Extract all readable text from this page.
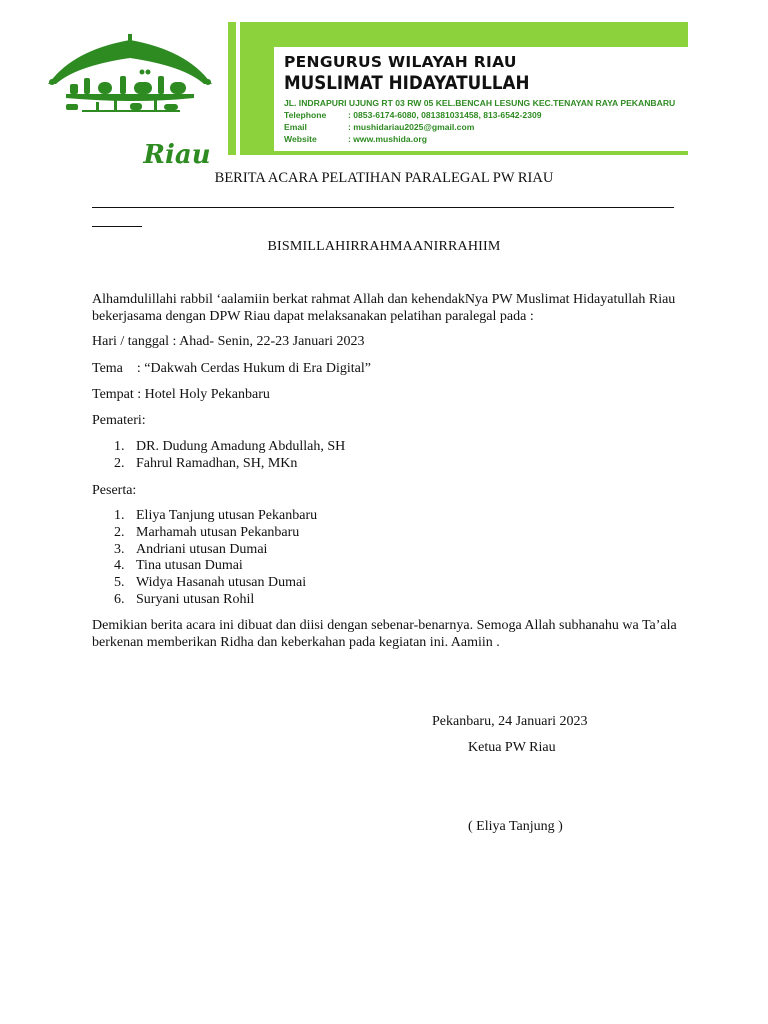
Riau
PENGURUS WILAYAH RIAU
MUSLIMAT HIDAYATULLAH
JL. INDRAPURI UJUNG RT 03 RW 05 KEL.BENCAH LESUNG KEC.TENAYAN RAYA PEKANBARU
Telephone	: 0853-6174-6080, 081381031458, 813-6542-2309
Email	: mushidariau2025@gmail.com
Website	: www.mushida.org
BERITA ACARA PELATIHAN PARALEGAL PW RIAU
BISMILLAHIRRAHMAANIRRAHIIM
Alhamdulillahi rabbil ‘aalamiin berkat rahmat Allah dan kehendakNya PW Muslimat Hidayatullah Riau bekerjasama dengan DPW Riau dapat melaksanakan pelatihan paralegal pada :
Hari / tanggal : Ahad- Senin, 22-23 Januari 2023
Tema    : “Dakwah Cerdas Hukum di Era Digital”
Tempat : Hotel Holy Pekanbaru
Pemateri:
1. DR. Dudung Amadung Abdullah, SH
2. Fahrul Ramadhan, SH, MKn
Peserta:
1. Eliya Tanjung utusan Pekanbaru
2. Marhamah utusan Pekanbaru
3. Andriani utusan Dumai
4. Tina utusan Dumai
5. Widya Hasanah utusan Dumai
6. Suryani utusan Rohil
Demikian berita acara ini dibuat dan diisi dengan sebenar-benarnya. Semoga Allah subhanahu wa Ta’ala berkenan memberikan Ridha dan keberkahan pada kegiatan ini. Aamiin .
Pekanbaru, 24 Januari 2023
Ketua PW Riau
( Eliya Tanjung )
